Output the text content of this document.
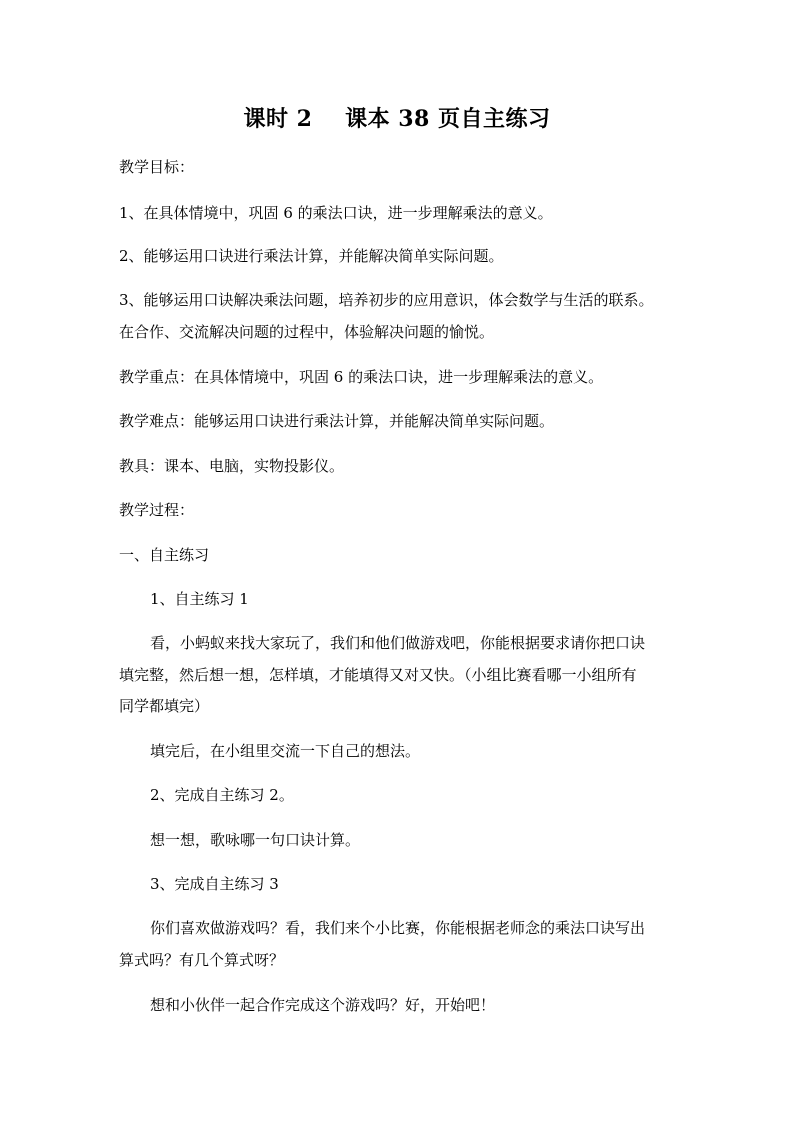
课时 2    课本 38 页自主练习
教学目标：
1、在具体情境中，巩固 6 的乘法口诀，进一步理解乘法的意义。
2、能够运用口诀进行乘法计算，并能解决简单实际问题。
3、能够运用口诀解决乘法问题，培养初步的应用意识，体会数学与生活的联系。
在合作、交流解决问题的过程中，体验解决问题的愉悦。
教学重点：在具体情境中，巩固 6 的乘法口诀，进一步理解乘法的意义。
教学难点：能够运用口诀进行乘法计算，并能解决简单实际问题。
教具：课本、电脑，实物投影仪。
教学过程：
一、自主练习
1、自主练习 1
看，小蚂蚁来找大家玩了，我们和他们做游戏吧，你能根据要求请你把口诀
填完整，然后想一想，怎样填，才能填得又对又快。（小组比赛看哪一小组所有
同学都填完）
填完后，在小组里交流一下自己的想法。
2、完成自主练习 2。
想一想，歌咏哪一句口诀计算。
3、完成自主练习 3
你们喜欢做游戏吗？看，我们来个小比赛，你能根据老师念的乘法口诀写出
算式吗？有几个算式呀？
想和小伙伴一起合作完成这个游戏吗？好，开始吧！
